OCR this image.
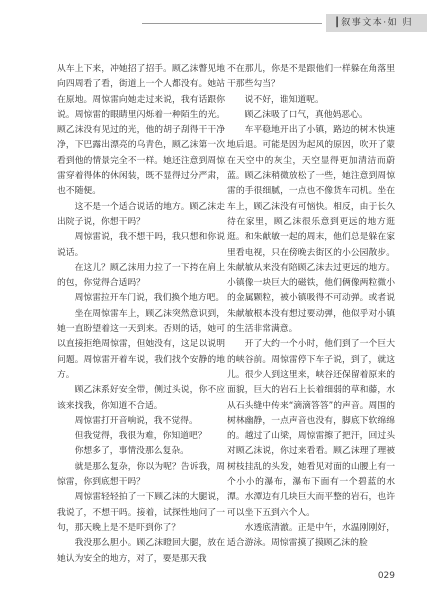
┃叙事文本·如 归

从车上下来，冲她招了招手。顾乙沫瞥见地向四周看了看，街道上一个人都没有。她站在原地。周惊雷向她走过来说，我有话跟你说。周惊雷的眼睛里闪烁着一种陌生的光。顾乙沫没有见过的光，他的胡子刮得干干净净，下巴露出漂亮的乌青色，顾乙沫第一次看到他的情景完全不一样。她还注意到周惊雷穿着得体的休闲装，既不显得过分严肃，也不随便。

这不是一个适合说话的地方。顾乙沫走出院子说，你想干吗？

周惊雷说，我不想干吗，我只想和你说说话。

在这儿？顾乙沫用力拉了一下挎在肩上的包，你觉得合适吗？

周惊雷拉开车门说，我们换个地方吧。

坐在周惊雷车上，顾乙沫突然意识到，她一直盼望着这一天到来。否则的话，她可以直接拒绝周惊雷，但她没有，这足以说明问题。周惊雷开着车说，我们找个安静的地方。

顾乙沫系好安全带，侧过头说，你不应该来找我，你知道不合适。

周惊雷打开音响说，我不觉得。

但我觉得，我很为难，你知道吧？

你想多了，事情没那么复杂。

就是那么复杂，你以为呢？告诉我，周惊雷，你到底想干吗？

周惊雷轻轻拍了一下顾乙沫的大腿说，我说了，不想干吗。接着，试探性地问了一句，那天晚上是不是吓到你了？

我没那么胆小。顾乙沫瞪回大腿，放在她认为安全的地方，对了，要是那天我

不在那儿，你是不是跟他们一样躲在角落里干那些勾当？

说不好，谁知道呢。

顾乙沫吸了口气，真他妈恶心。

车平稳地开出了小镇，路边的树木快速地后退。可能是因为起风的原因，吹开了蒙在天空中的灰尘，天空显得更加清洁而蔚蓝。顾乙沫稍微放松了一些，她注意到周惊雷的手很细腻，一点也不像货车司机。坐在车上，顾乙沫没有可恼快。相反，由于长久待在家里，顾乙沫很乐意到更远的地方逛逛。和朱献敏一起的周末，他们总是躲在家里看电视，只在傍晚去街区的小公园散步。朱献敏从来没有陪顾乙沫去过更远的地方。小镇像一块巨大的磁铁，他们俩像两粒微小的金属颗粒，被小镇吸得不可动弹。或者说朱献敏根本没有想过要动弹，他似乎对小镇的生活非常满意。

开了大约一个小时，他们到了一个巨大的峡谷前。周惊雷停下车子说，到了，就这儿。很少人到这里来，峡谷还保留着原来的面貌，巨大的岩石上长着细弱的草和藤，水从石头缝中传来“滴滴答答”的声音。周围的树林幽静，一点声音也没有，脚底下软绵绵的。越过了山梁，周惊雷擦了把汗，回过头对顾乙沫说，你过来看看。顾乙沫理了理被树枝挂乱的头发，她看见对面的山腰上有一个小小的瀑布，瀑布下面有一个碧蓝的水潭。水潭边有几块巨大而平整的岩石，也许可以坐下五到六个人。

水透底清澈。正是中午，水温刚刚好，适合游泳。周惊雷摸了摸顾乙沫的脸

029
